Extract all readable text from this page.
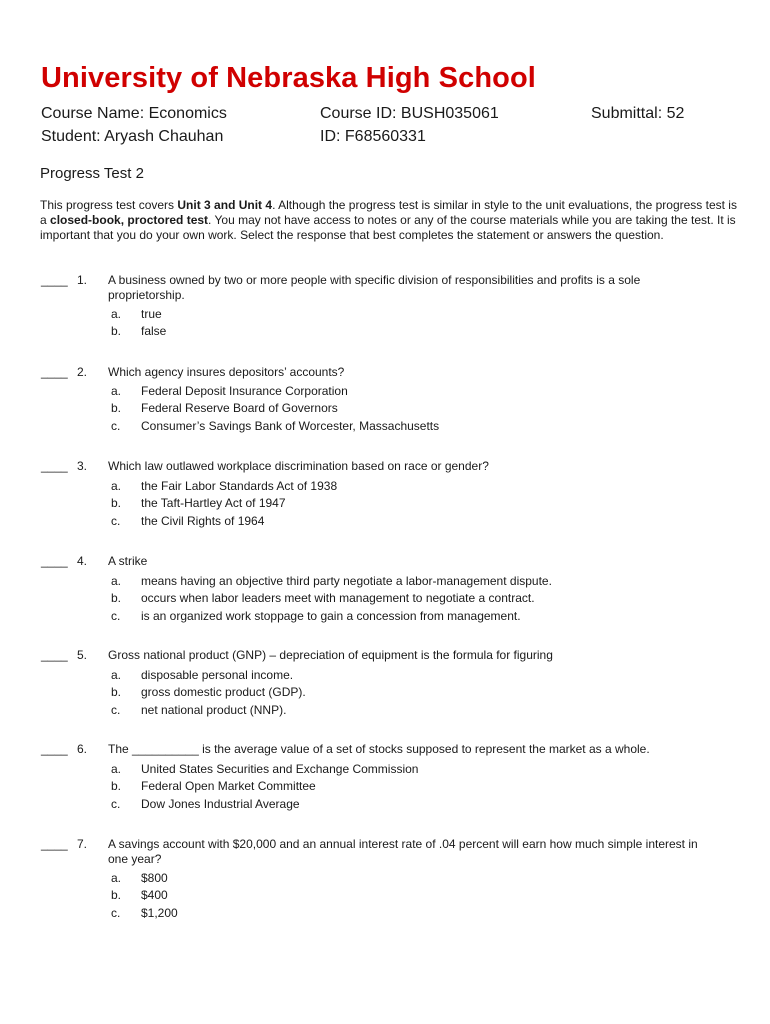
University of Nebraska High School
Course Name: Economics	Course ID: BUSH035061	Submittal: 52
Student: Aryash Chauhan	ID: F68560331
Progress Test 2
This progress test covers Unit 3 and Unit 4. Although the progress test is similar in style to the unit evaluations, the progress test is a closed-book, proctored test. You may not have access to notes or any of the course materials while you are taking the test. It is important that you do your own work. Select the response that best completes the statement or answers the question.
____ 1. A business owned by two or more people with specific division of responsibilities and profits is a sole proprietorship.
a. true
b. false
____ 2. Which agency insures depositors’ accounts?
a. Federal Deposit Insurance Corporation
b. Federal Reserve Board of Governors
c. Consumer’s Savings Bank of Worcester, Massachusetts
____ 3. Which law outlawed workplace discrimination based on race or gender?
a. the Fair Labor Standards Act of 1938
b. the Taft-Hartley Act of 1947
c. the Civil Rights of 1964
____ 4. A strike
a. means having an objective third party negotiate a labor-management dispute.
b. occurs when labor leaders meet with management to negotiate a contract.
c. is an organized work stoppage to gain a concession from management.
____ 5. Gross national product (GNP) – depreciation of equipment is the formula for figuring
a. disposable personal income.
b. gross domestic product (GDP).
c. net national product (NNP).
____ 6. The __________ is the average value of a set of stocks supposed to represent the market as a whole.
a. United States Securities and Exchange Commission
b. Federal Open Market Committee
c. Dow Jones Industrial Average
____ 7. A savings account with $20,000 and an annual interest rate of .04 percent will earn how much simple interest in one year?
a. $800
b. $400
c. $1,200
